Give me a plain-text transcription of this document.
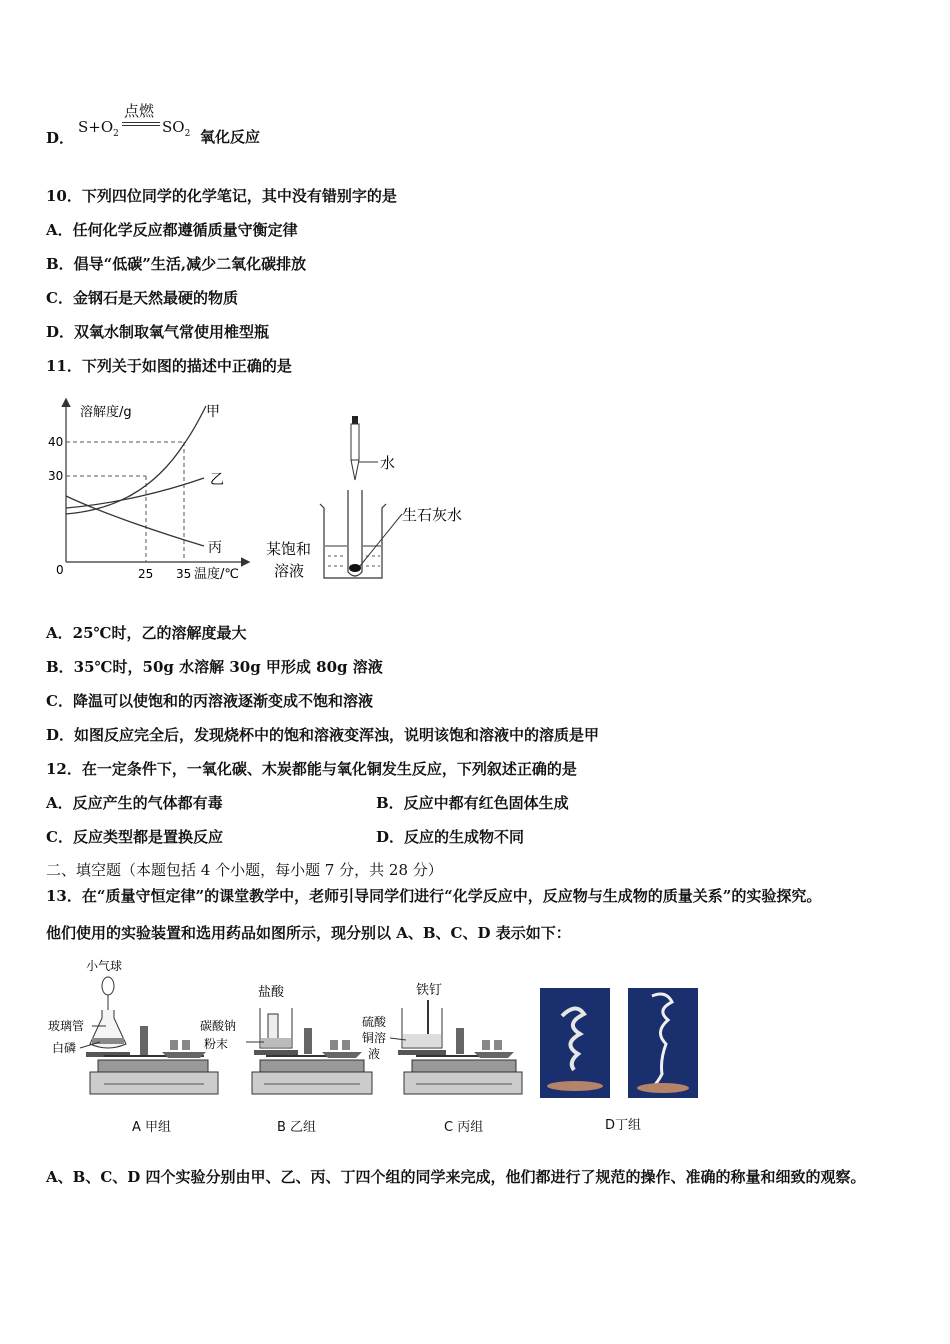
D．
$S+O_2$
点燃
$SO_2$ 氧化反应
10．下列四位同学的化学笔记，其中没有错别字的是
A．任何化学反应都遵循质量守衡定律
B．倡导“低碳”生活,减少二氧化碳排放
C．金钢石是天然最硬的物质
D．双氧水制取氧气常使用椎型瓶
11．下列关于如图的描述中正确的是
溶解度/g
40
30
0	25 35 温度/℃
甲
乙
丙
水
生石灰水
某饱和
溶液
A．25℃时，乙的溶解度最大
B．35℃时，50g 水溶解 30g 甲形成 80g 溶液
C．降温可以使饱和的丙溶液逐渐变成不饱和溶液
D．如图反应完全后，发现烧杯中的饱和溶液变浑浊，说明该饱和溶液中的溶质是甲
12．在一定条件下，一氧化碳、木炭都能与氧化铜发生反应，下列叙述正确的是
A．反应产生的气体都有毒	B．反应中都有红色固体生成
C．反应类型都是置换反应	D．反应的生成物不同
二、填空题（本题包括 4 个小题，每小题 7 分，共 28 分）
13．在“质量守恒定律”的课堂教学中，老师引导同学们进行“化学反应中，反应物与生成物的质量关系”的实验探究。
他们使用的实验装置和选用药品如图所示，现分别以 A、B、C、D 表示如下：
小气球
玻璃管
白磷
A 甲组
盐酸
碳酸钠
粉末
B 乙组
铁钉
硫酸
铜溶
液
C 丙组	D丁组
A、B、C、D 四个实验分别由甲、乙、丙、丁四个组的同学来完成，他们都进行了规范的操作、准确的称量和细致的观察。
